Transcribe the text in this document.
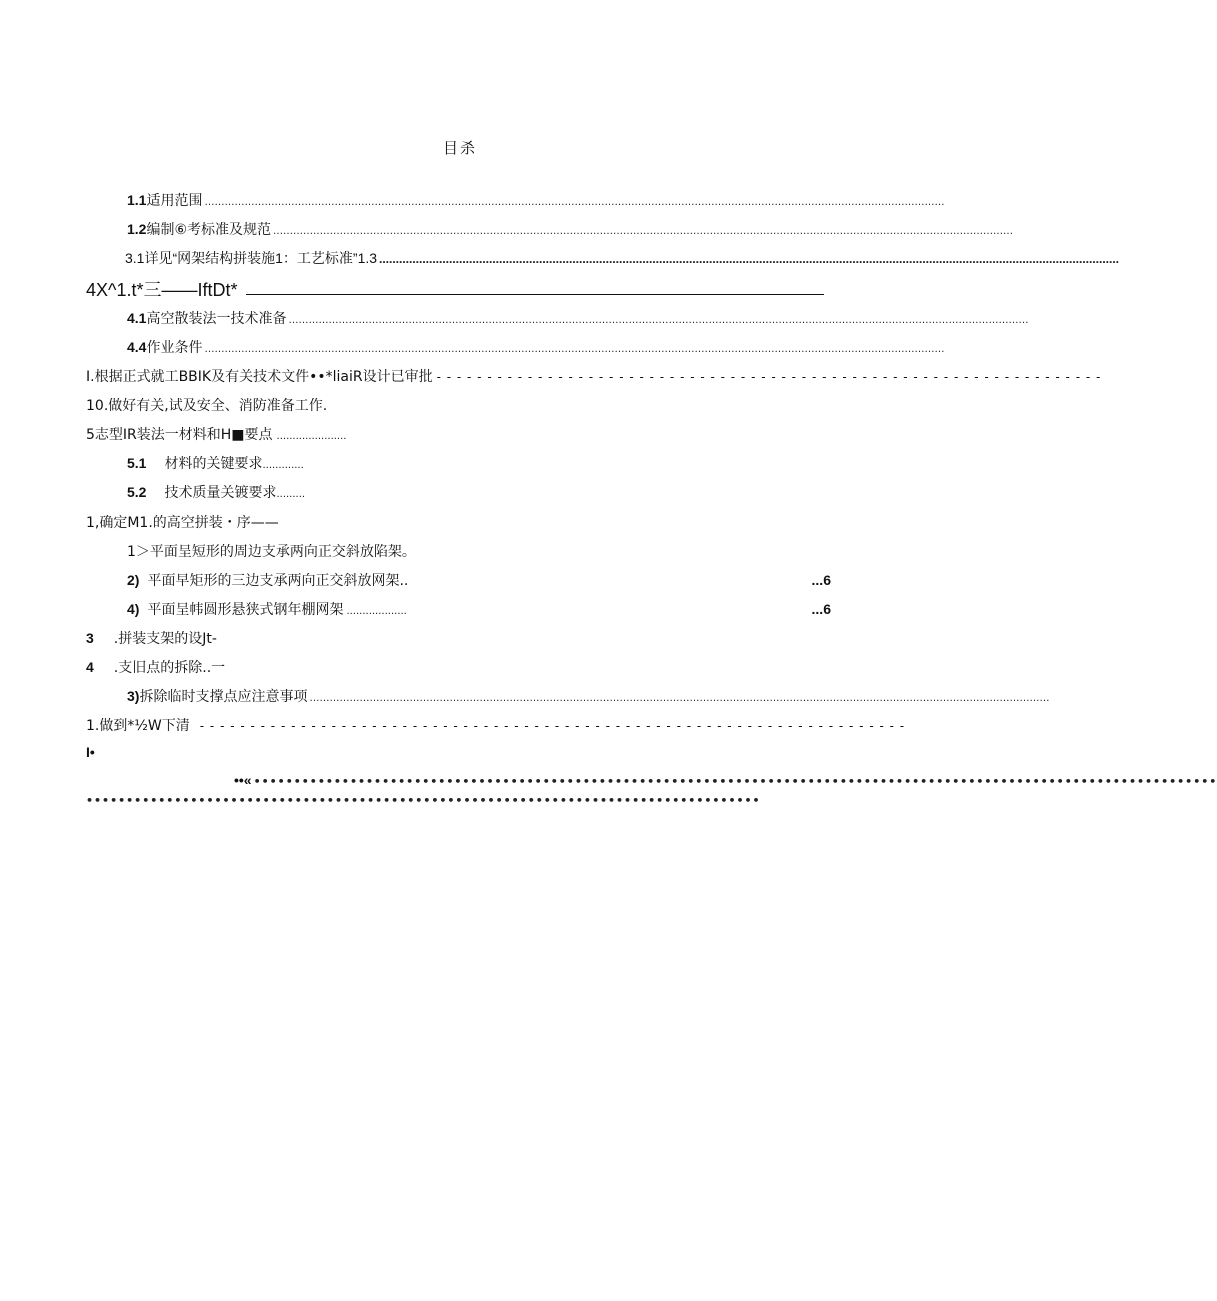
目杀
1.1 适用范围 ……………………………………………………………………………………………………………………………………………………………………………………………………
1.2 编制⑥考标准及规范 ……………………………………………………………………………………………………………………………………………………………………………………………………
3.1详见“网架结构拼装施1：工艺标准”1.3 ……………………………………………………………………………………………………………………………………………………………………………………………………
4X^1.t*三——IftDt*
4.1 高空散装法一技术准备 ……………………………………………………………………………………………………………………………………………………………………………………………………
4.4 作业条件 ……………………………………………………………………………………………………………………………………………………………………………………………………
I.根据正式就工BBIK及有关技术文件••*liaiR设计已审批 - - - - - - - - - - - - - - - - - - - - - - - - - - - - - - - - - - - - - - - - - - - - - - - - - - - - - - - - - - - - - - - - - -
10.做好有关,试及安全、消防准备工作.
5志型IR装法一材料和H■要点 ......................
5.1 材料的关键要求 .............
5.2 技术质量关镀要求 .........
1,确定M1.的高空拼装・序——
1＞平面呈短形的周边支承两向正交斜放陷架。
2) 平面早矩形的三边支承两向正交斜放网架..	...6
4) 平面呈帏圆形悬狭式钢年棚网架 ...................	...6
3 .拼装支架的设Jt-
4 .支旧点的拆除..一
3) 拆除临时支撑点应注意事项 ……………………………………………………………………………………………………………………………………………………………………………………………………
1.做到*½W下清 - - - - - - - - - - - - - - - - - - - - - - - - - - - - - - - - - - - - - - - - - - - - - - - - - - - - - - - - - - - - - - - - - - - - - -
I•
••« ••••••••••••••••••••••••••••••••••••••••••••••••••••••••••••••••••••••••••••••••••••••••••••••••••••••••••••••••••••••••
••••••••••••••••••••••••••••••••••••••••••••••••••••••••••••••••••••••••••••••••••••
